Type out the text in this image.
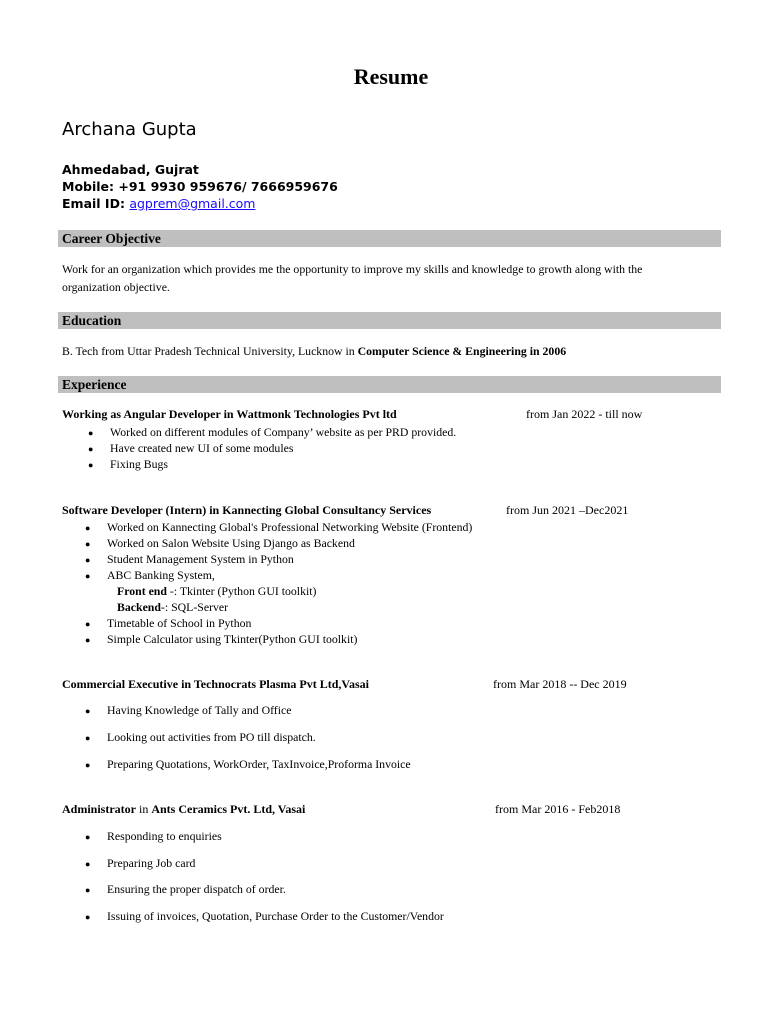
Resume
Archana Gupta
Ahmedabad, Gujrat
Mobile: +91 9930 959676/ 7666959676
Email ID: agprem@gmail.com
Career Objective
Work for an organization which provides me the opportunity to improve my skills and knowledge to growth along with the
organization objective.
Education
B. Tech from Uttar Pradesh Technical University, Lucknow in Computer Science & Engineering in 2006
Experience
Working as Angular Developer in Wattmonk Technologies Pvt ltd	from Jan 2022 - till now
● Worked on different modules of Company’ website as per PRD provided.
● Have created new UI of some modules
● Fixing Bugs
Software Developer (Intern) in Kannecting Global Consultancy Services	from Jun 2021 –Dec2021
● Worked on Kannecting Global's Professional Networking Website (Frontend)
● Worked on Salon Website Using Django as Backend
● Student Management System in Python
● ABC Banking System,
Front end -: Tkinter (Python GUI toolkit)
Backend-: SQL-Server
● Timetable of School in Python
● Simple Calculator using Tkinter(Python GUI toolkit)
Commercial Executive in Technocrats Plasma Pvt Ltd,Vasai	from Mar 2018 -- Dec 2019
● Having Knowledge of Tally and Office
● Looking out activities from PO till dispatch.
● Preparing Quotations, WorkOrder, TaxInvoice,Proforma Invoice
Administrator in Ants Ceramics Pvt. Ltd, Vasai	from Mar 2016 - Feb2018
● Responding to enquiries
● Preparing Job card
● Ensuring the proper dispatch of order.
● Issuing of invoices, Quotation, Purchase Order to the Customer/Vendor
